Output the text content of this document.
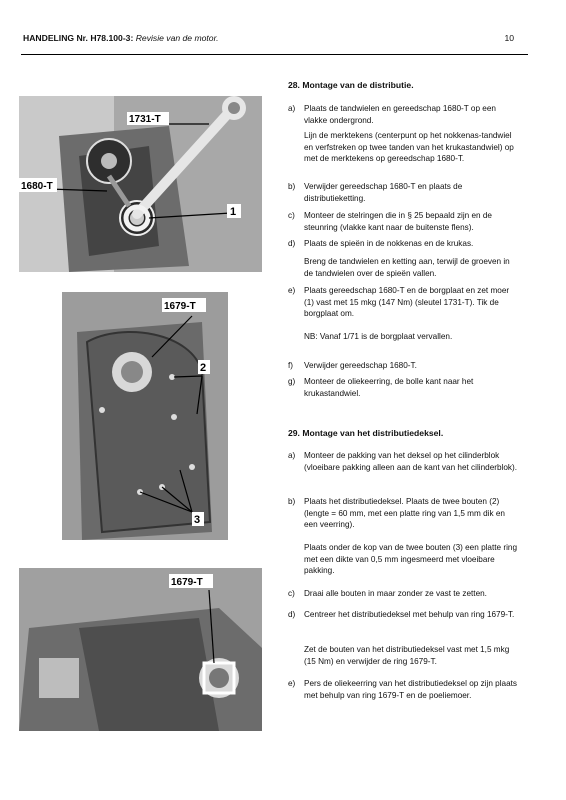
HANDELING Nr. H78.100-3: Revisie van de motor.	10
1731-T
1680-T
1
1679-T
2
3
1679-T
28. Montage van de distributie.
a) Plaats de tandwielen en gereedschap 1680-T op een vlakke ondergrond.
Lijn de merktekens (centerpunt op het nokkenas-tandwiel en verfstreken op twee tanden van het krukastandwiel) op met de merktekens op gereedschap 1680-T.
b) Verwijder gereedschap 1680-T en plaats de distributieketting.
c) Monteer de stelringen die in § 25 bepaald zijn en de steunring (vlakke kant naar de buitenste flens).
d) Plaats de spieën in de nokkenas en de krukas.
Breng de tandwielen en ketting aan, terwijl de groeven in de tandwielen over de spieën vallen.
e) Plaats gereedschap 1680-T en de borgplaat en zet moer (1) vast met 15 mkg (147 Nm) (sleutel 1731-T). Tik de borgplaat om.
NB: Vanaf 1/71 is de borgplaat vervallen.
f) Verwijder gereedschap 1680-T.
g) Monteer de oliekeerring, de bolle kant naar het krukastandwiel.
29. Montage van het distributiedeksel.
a) Monteer de pakking van het deksel op het cilinderblok (vloeibare pakking alleen aan de kant van het cilinderblok).
b) Plaats het distributiedeksel. Plaats de twee bouten (2) (lengte = 60 mm, met een platte ring van 1,5 mm dik en een veerring).
Plaats onder de kop van de twee bouten (3) een platte ring met een dikte van 0,5 mm ingesmeerd met vloeibare pakking.
c) Draai alle bouten in maar zonder ze vast te zetten.
d) Centreer het distributiedeksel met behulp van ring 1679-T.
Zet de bouten van het distributiedeksel vast met 1,5 mkg (15 Nm) en verwijder de ring 1679-T.
e) Pers de oliekeerring van het distributiedeksel op zijn plaats met behulp van ring 1679-T en de poeliemoer.
